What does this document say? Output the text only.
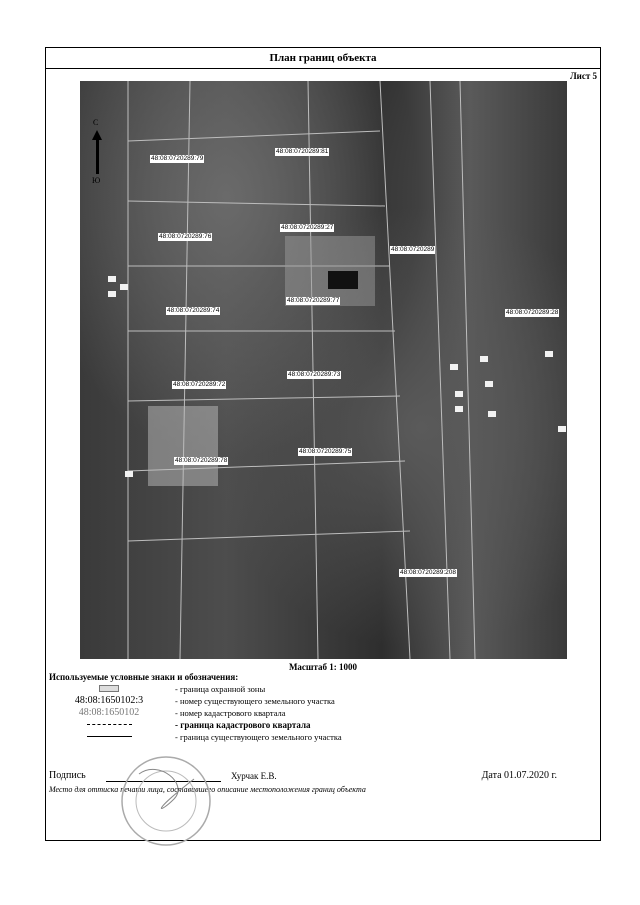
План границ объекта
Лист 5
С
Ю
48:08:0720289:79
48:08:0720289:81
48:08:0720289:76
48:08:0720289:27
48:08:0720289
48:08:0720289:74
48:08:0720289:77
48:08:0720289:28
48:08:0720289:72
48:08:0720289:73
48:08:0720289:78
48:08:0720289:75
48:08:0720289:208
Масштаб 1: 1000
Используемые условные знаки и обозначения:
- граница охранной зоны
48:08:1650102:3	- номер существующего земельного участка
48:08:1650102	- номер кадастрового квартала
- граница кадастрового квартала
- граница существующего земельного участка
Подпись	Хурчак Е.В.	Дата 01.07.2020 г.
Место для оттиска печати лица, составившего описание местоположения границ объекта
